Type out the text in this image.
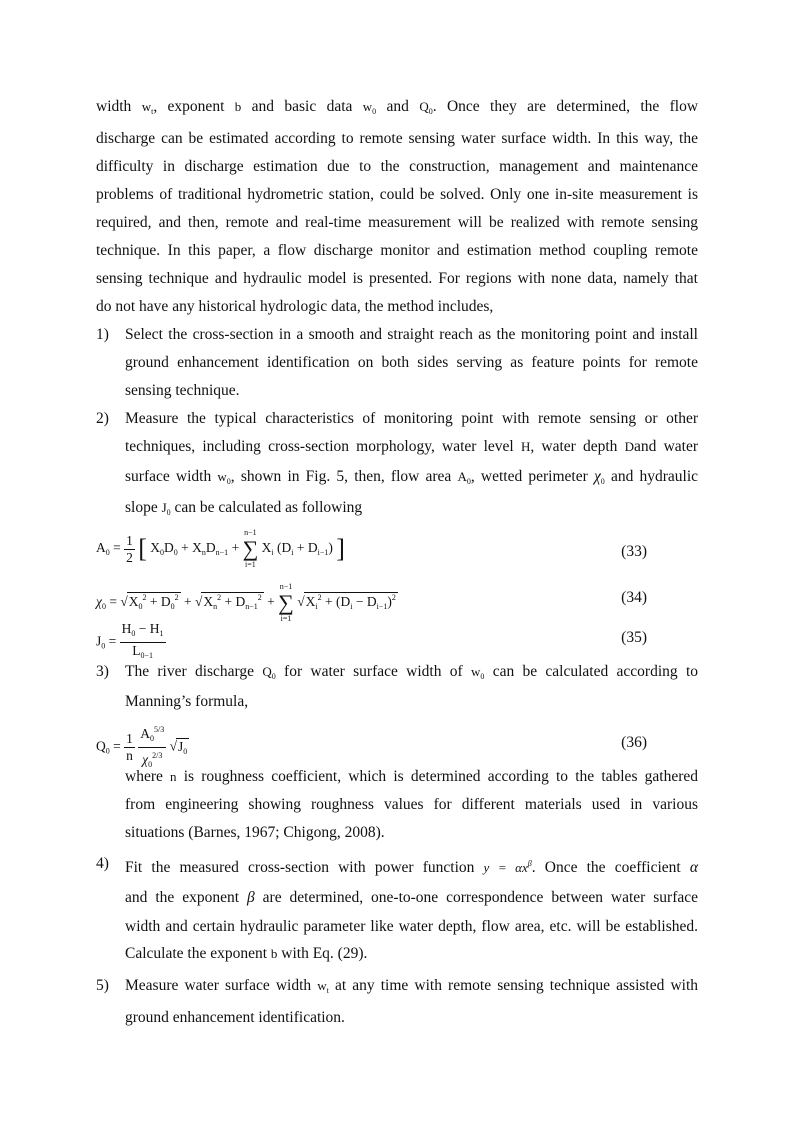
width $w_t$, exponent b and basic data $w_0$ and $Q_0$. Once they are determined, the flow
discharge can be estimated according to remote sensing water surface width. In this way, the
difficulty in discharge estimation due to the construction, management and maintenance
problems of traditional hydrometric station, could be solved. Only one in-site measurement is
required, and then, remote and real-time measurement will be realized with remote sensing
technique. In this paper, a flow discharge monitor and estimation method coupling remote
sensing technique and hydraulic model is presented. For regions with none data, namely that
do not have any historical hydrologic data, the method includes,
1) Select the cross-section in a smooth and straight reach as the monitoring point and install
ground enhancement identification on both sides serving as feature points for remote
sensing technique.
2) Measure the typical characteristics of monitoring point with remote sensing or other
techniques, including cross-section morphology, water level H, water depth Dand water
surface width $w_0$, shown in Fig. 5, then, flow area $A_0$, wetted perimeter $\chi_0$ and hydraulic
slope $J_0$ can be calculated as following
$A_0 = \frac{1}{2}$ [ $X_0D_0 + X_nD_{n-1}$ +
n−1
∑
i=1
$X_i$ $(D_i + D_{i-1})$ ]	(33)
$\chi_0 = √X_0^2 + D_0^2 + √X_n^2 + D_{n-1}^2$ +
n−1
∑
i=1
$√X_i^2 + (D_i - D_{i-1})^2$	(34)
$J_0 = \frac{H_0 - H_1}{L_{0-1}}$	(35)
3) The river discharge $Q_0$ for water surface width of $w_0$ can be calculated according to
Manning’s formula,
$Q_0 = \frac{1}{n}$
$\frac{A_0^{5/3}}{\chi_0^{2/3}} √J_0$
(36)
where n is roughness coefficient, which is determined according to the tables gathered
from engineering showing roughness values for different materials used in various
situations (Barnes, 1967; Chigong, 2008).
4) Fit the measured cross-section with power function $y = \alpha x^\beta$. Once the coefficient α
and the exponent β are determined, one-to-one correspondence between water surface
width and certain hydraulic parameter like water depth, flow area, etc. will be established.
Calculate the exponent b with Eq. (29).
5) Measure water surface width $w_t$ at any time with remote sensing technique assisted with
ground enhancement identification.
